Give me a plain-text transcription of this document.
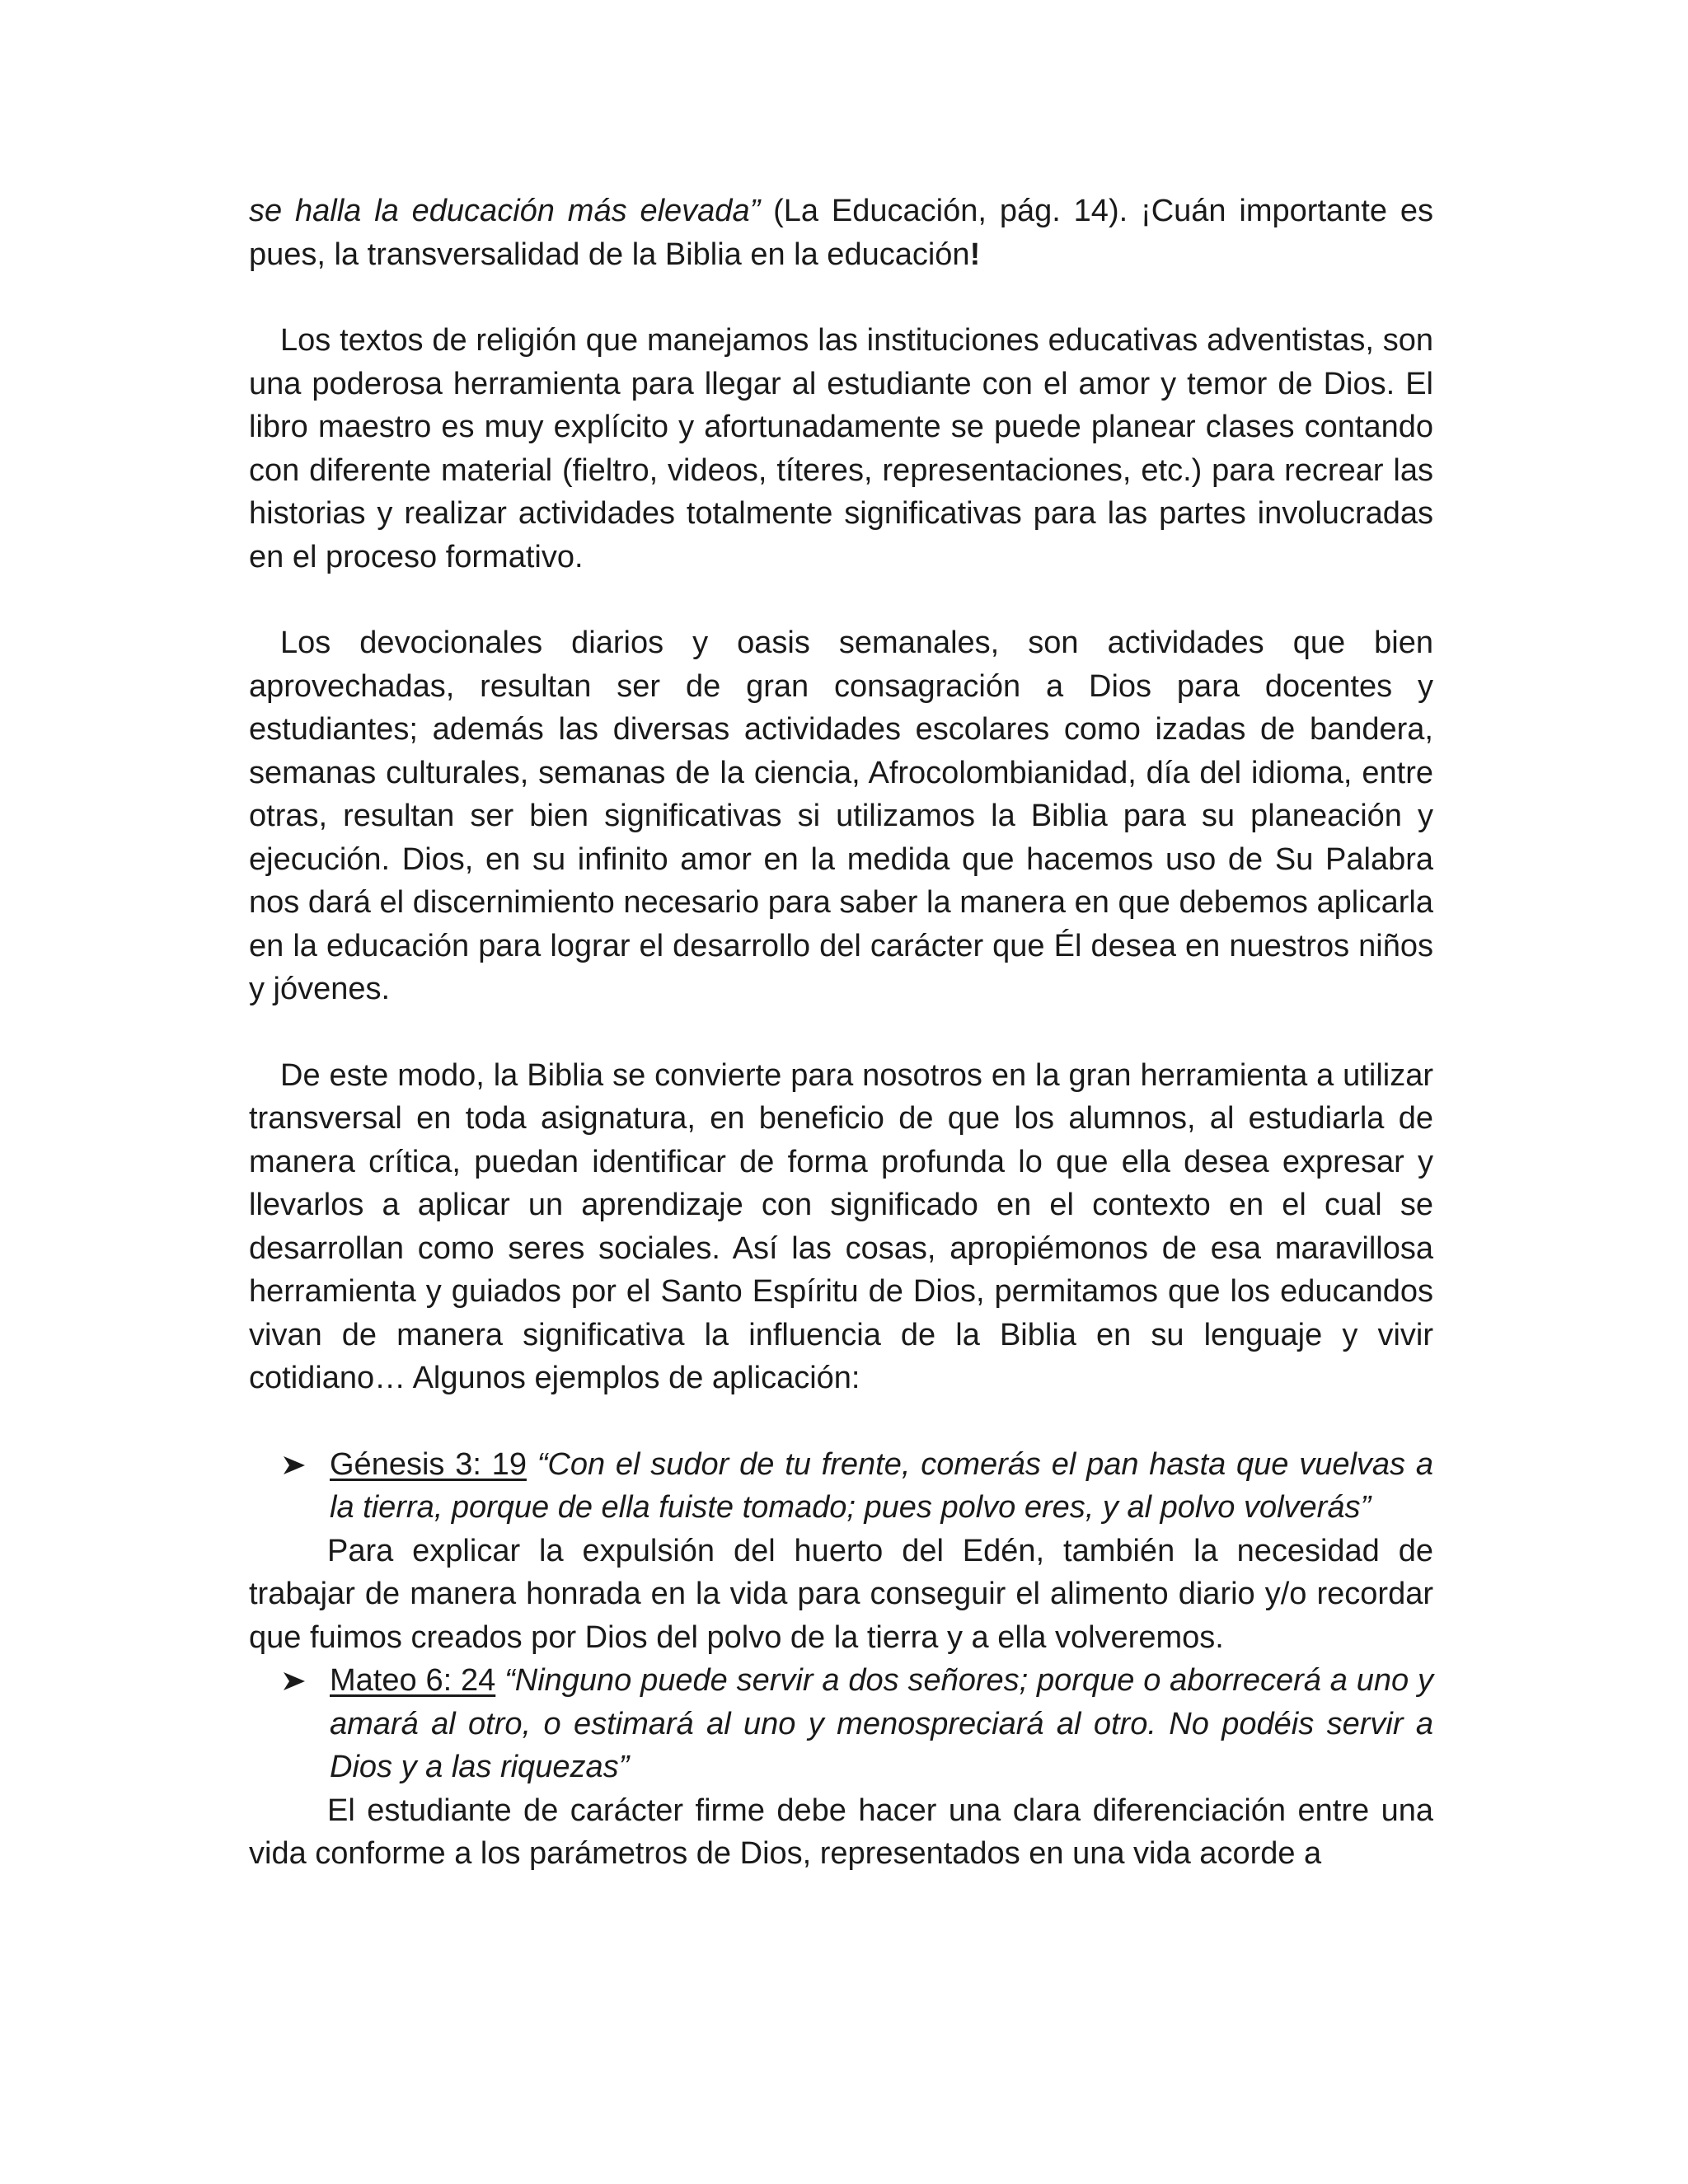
se halla la educación más elevada” (La Educación, pág. 14). ¡Cuán importante es pues, la transversalidad de la Biblia en la educación!

Los textos de religión que manejamos las instituciones educativas adventistas, son una poderosa herramienta para llegar al estudiante con el amor y temor de Dios. El libro maestro es muy explícito y afortunadamente se puede planear clases contando con diferente material (fieltro, videos, títeres, representaciones, etc.) para recrear las historias y realizar actividades totalmente significativas para las partes involucradas en el proceso formativo.

Los devocionales diarios y oasis semanales, son actividades que bien aprovechadas, resultan ser de gran consagración a Dios para docentes y estudiantes; además las diversas actividades escolares como izadas de bandera, semanas culturales, semanas de la ciencia, Afrocolombianidad, día del idioma, entre otras, resultan ser bien significativas si utilizamos la Biblia para su planeación y ejecución. Dios, en su infinito amor en la medida que hacemos uso de Su Palabra nos dará el discernimiento necesario para saber la manera en que debemos aplicarla en la educación para lograr el desarrollo del carácter que Él desea en nuestros niños y jóvenes.

De este modo, la Biblia se convierte para nosotros en la gran herramienta a utilizar transversal en toda asignatura, en beneficio de que los alumnos, al estudiarla de manera crítica, puedan identificar de forma profunda lo que ella desea expresar y llevarlos a aplicar un aprendizaje con significado en el contexto en el cual se desarrollan como seres sociales. Así las cosas, apropiémonos de esa maravillosa herramienta y guiados por el Santo Espíritu de Dios, permitamos que los educandos vivan de manera significativa la influencia de la Biblia en su lenguaje y vivir cotidiano… Algunos ejemplos de aplicación:

Génesis 3: 19 “Con el sudor de tu frente, comerás el pan hasta que vuelvas a la tierra, porque de ella fuiste tomado; pues polvo eres, y al polvo volverás”

Para explicar la expulsión del huerto del Edén, también la necesidad de trabajar de manera honrada en la vida para conseguir el alimento diario y/o recordar que fuimos creados por Dios del polvo de la tierra y a ella volveremos.

Mateo 6: 24 “Ninguno puede servir a dos señores; porque o aborrecerá a uno y amará al otro, o estimará al uno y menospreciará al otro. No podéis servir a Dios y a las riquezas”

El estudiante de carácter firme debe hacer una clara diferenciación entre una vida conforme a los parámetros de Dios, representados en una vida acorde a
